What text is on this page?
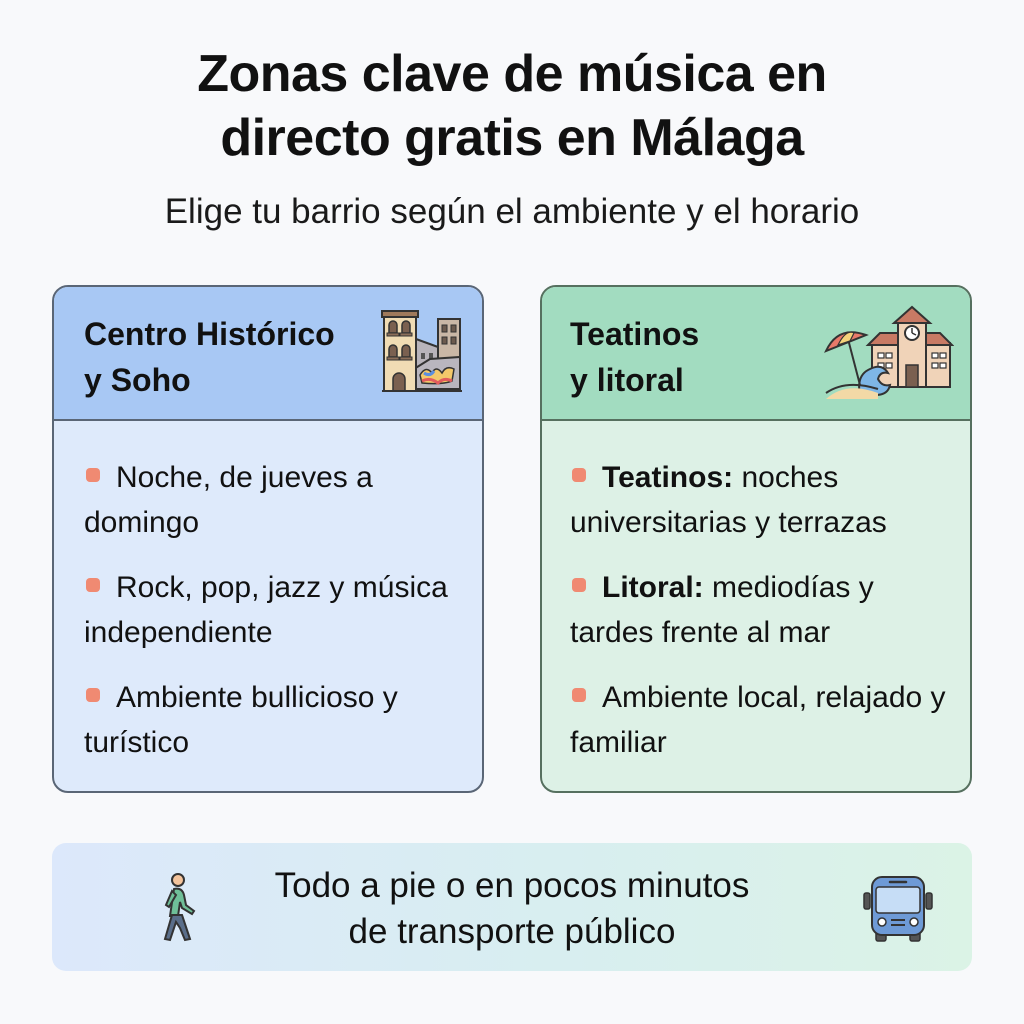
Zonas clave de música en
directo gratis en Málaga
Elige tu barrio según el ambiente y el horario
Centro Histórico
y Soho
Noche, de jueves a domingo
Rock, pop, jazz y música independiente
Ambiente bullicioso y turístico
Teatinos
y litoral
Teatinos: noches universitarias y terrazas
Litoral: mediodías y tardes frente al mar
Ambiente local, relajado y familiar
Todo a pie o en pocos minutos
de transporte público
